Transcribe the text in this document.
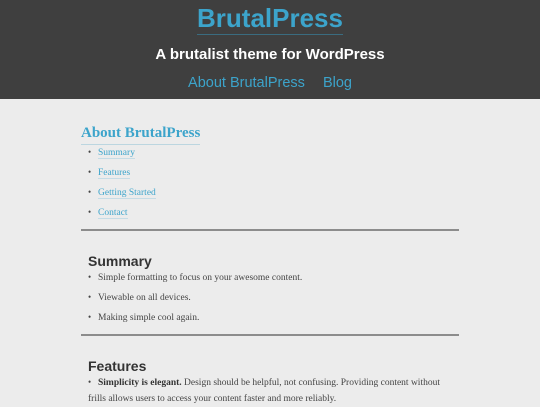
BrutalPress
A brutalist theme for WordPress
About BrutalPress Blog
About BrutalPress
• Summary
• Features
• Getting Started
• Contact
Summary
• Simple formatting to focus on your awesome content.
• Viewable on all devices.
• Making simple cool again.
Features
• Simplicity is elegant. Design should be helpful, not confusing. Providing content without frills allows users to access your content faster and more reliably.
